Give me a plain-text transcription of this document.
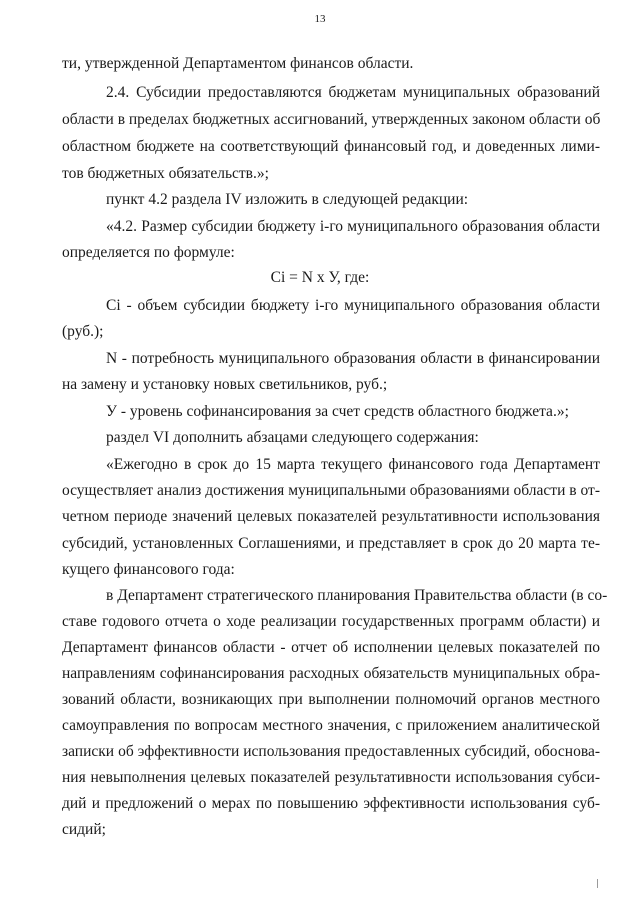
13
ти, утвержденной Департаментом финансов области.
2.4. Субсидии предоставляются бюджетам муниципальных образований
области в пределах бюджетных ассигнований, утвержденных законом области об
областном бюджете на соответствующий финансовый год, и доведенных лими-
тов бюджетных обязательств.»;
пункт 4.2 раздела IV изложить в следующей редакции:
«4.2. Размер субсидии бюджету i-го муниципального образования области
определяется по формуле:
Ci = N x У, где:
Ci - объем субсидии бюджету i-го муниципального образования области
(руб.);
N - потребность муниципального образования области в финансировании
на замену и установку новых светильников, руб.;
У - уровень софинансирования за счет средств областного бюджета.»;
раздел VI дополнить абзацами следующего содержания:
«Ежегодно в срок до 15 марта текущего финансового года Департамент
осуществляет анализ достижения муниципальными образованиями области в от-
четном периоде значений целевых показателей результативности использования
субсидий, установленных Соглашениями, и представляет в срок до 20 марта те-
кущего финансового года:
в Департамент стратегического планирования Правительства области (в со-
ставе годового отчета о ходе реализации государственных программ области) и
Департамент финансов области - отчет об исполнении целевых показателей по
направлениям софинансирования расходных обязательств муниципальных обра-
зований области, возникающих при выполнении полномочий органов местного
самоуправления по вопросам местного значения, с приложением аналитической
записки об эффективности использования предоставленных субсидий, обоснова-
ния невыполнения целевых показателей результативности использования субси-
дий и предложений о мерах по повышению эффективности использования суб-
сидий;
